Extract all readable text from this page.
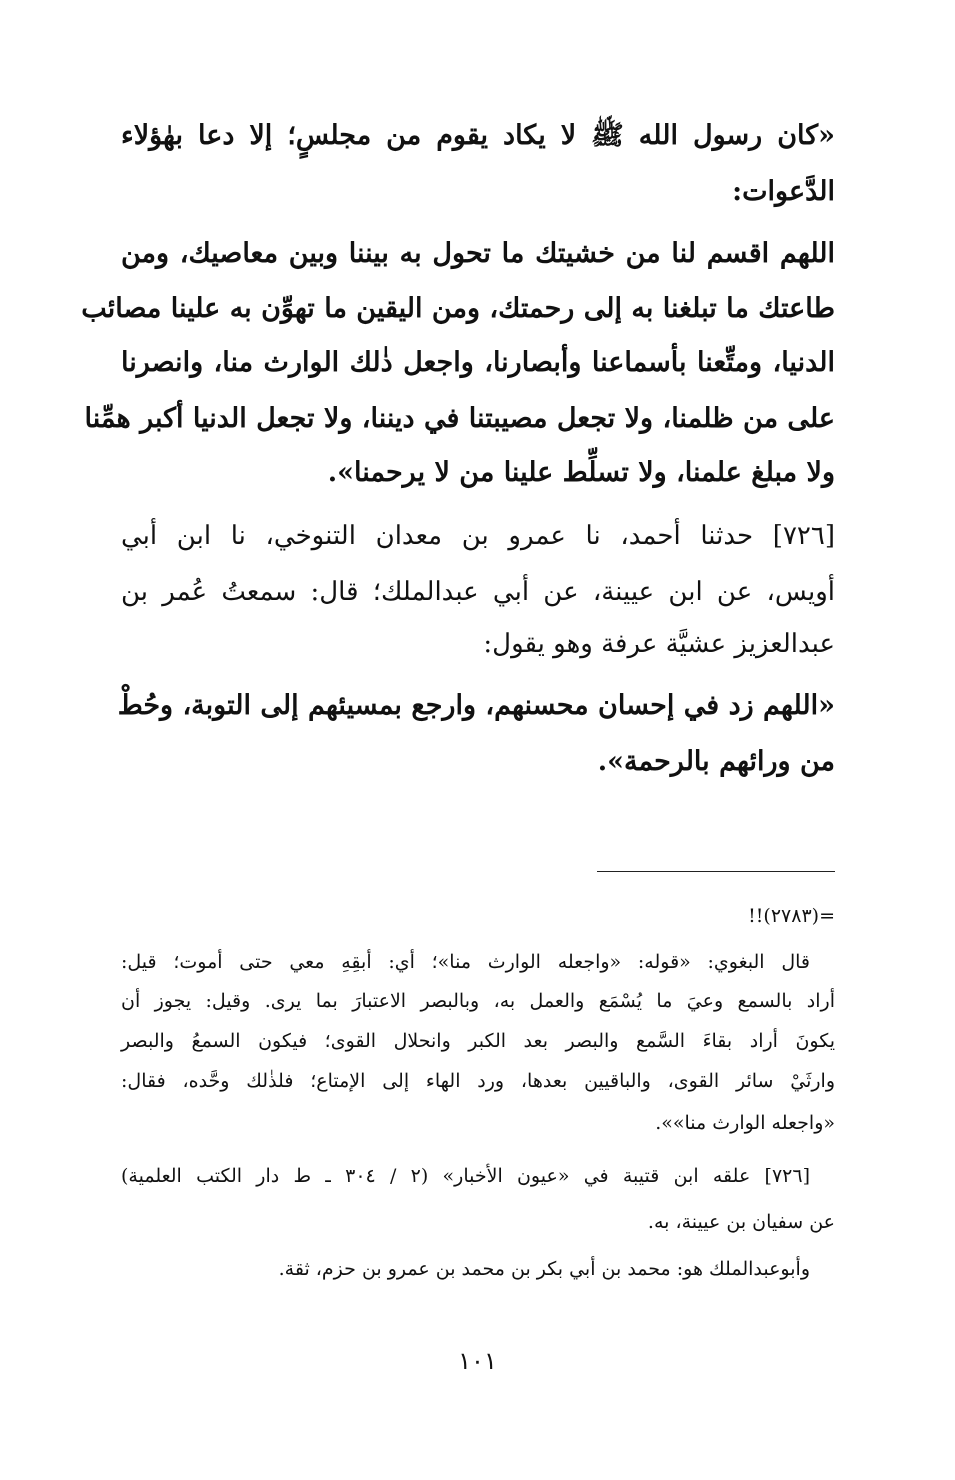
«كان رسول الله ﷺ لا يكاد يقوم من مجلسٍ؛ إلا دعا بهٰؤلاء
الدَّعوات:
اللهم اقسم لنا من خشيتك ما تحول به بيننا وبين معاصيك، ومن
طاعتك ما تبلغنا به إلى رحمتك، ومن اليقين ما تهوِّن به علينا مصائب
الدنيا، ومتِّعنا بأسماعنا وأبصارنا، واجعل ذٰلك الوارث منا، وانصرنا
على من ظلمنا، ولا تجعل مصيبتنا في ديننا، ولا تجعل الدنيا أكبر همِّنا
ولا مبلغ علمنا، ولا تسلِّط علينا من لا يرحمنا».
[٧٢٦] حدثنا أحمد، نا عمرو بن معدان التنوخي، نا ابن أبي
أويس، عن ابن عيينة، عن أبي عبدالملك؛ قال: سمعتُ عُمر بن
عبدالعزيز عشيَّة عرفة وهو يقول:
«اللهم زد في إحسان محسنهم، وارجع بمسيئهم إلى التوبة، وحُطْ
من ورائهم بالرحمة».
=(٢٧٨٣)!!
قال البغوي: «قوله: «واجعله الوارث منا»؛ أي: أبقِهِ معي حتى أموت؛ قيل:
أراد بالسمع وعيَ ما يُسْمَع والعمل به، وبالبصر الاعتبارَ بما يرى. وقيل: يجوز أن
يكونَ أراد بقاءَ السَّمع والبصر بعد الكبر وانحلال القوى؛ فيكون السمعُ والبصر
وارثَيْ سائر القوى، والباقيين بعدها، ورد الهاء إلى الإمتاع؛ فلذٰلك وحَّده، فقال:
«واجعله الوارث منا»».
[٧٢٦] علقه ابن قتيبة في «عيون الأخبار» (٢ / ٣٠٤ ـ ط دار الكتب العلمية)
عن سفيان بن عيينة، به.
وأبوعبدالملك هو: محمد بن أبي بكر بن محمد بن عمرو بن حزم، ثقة.
١٠١
